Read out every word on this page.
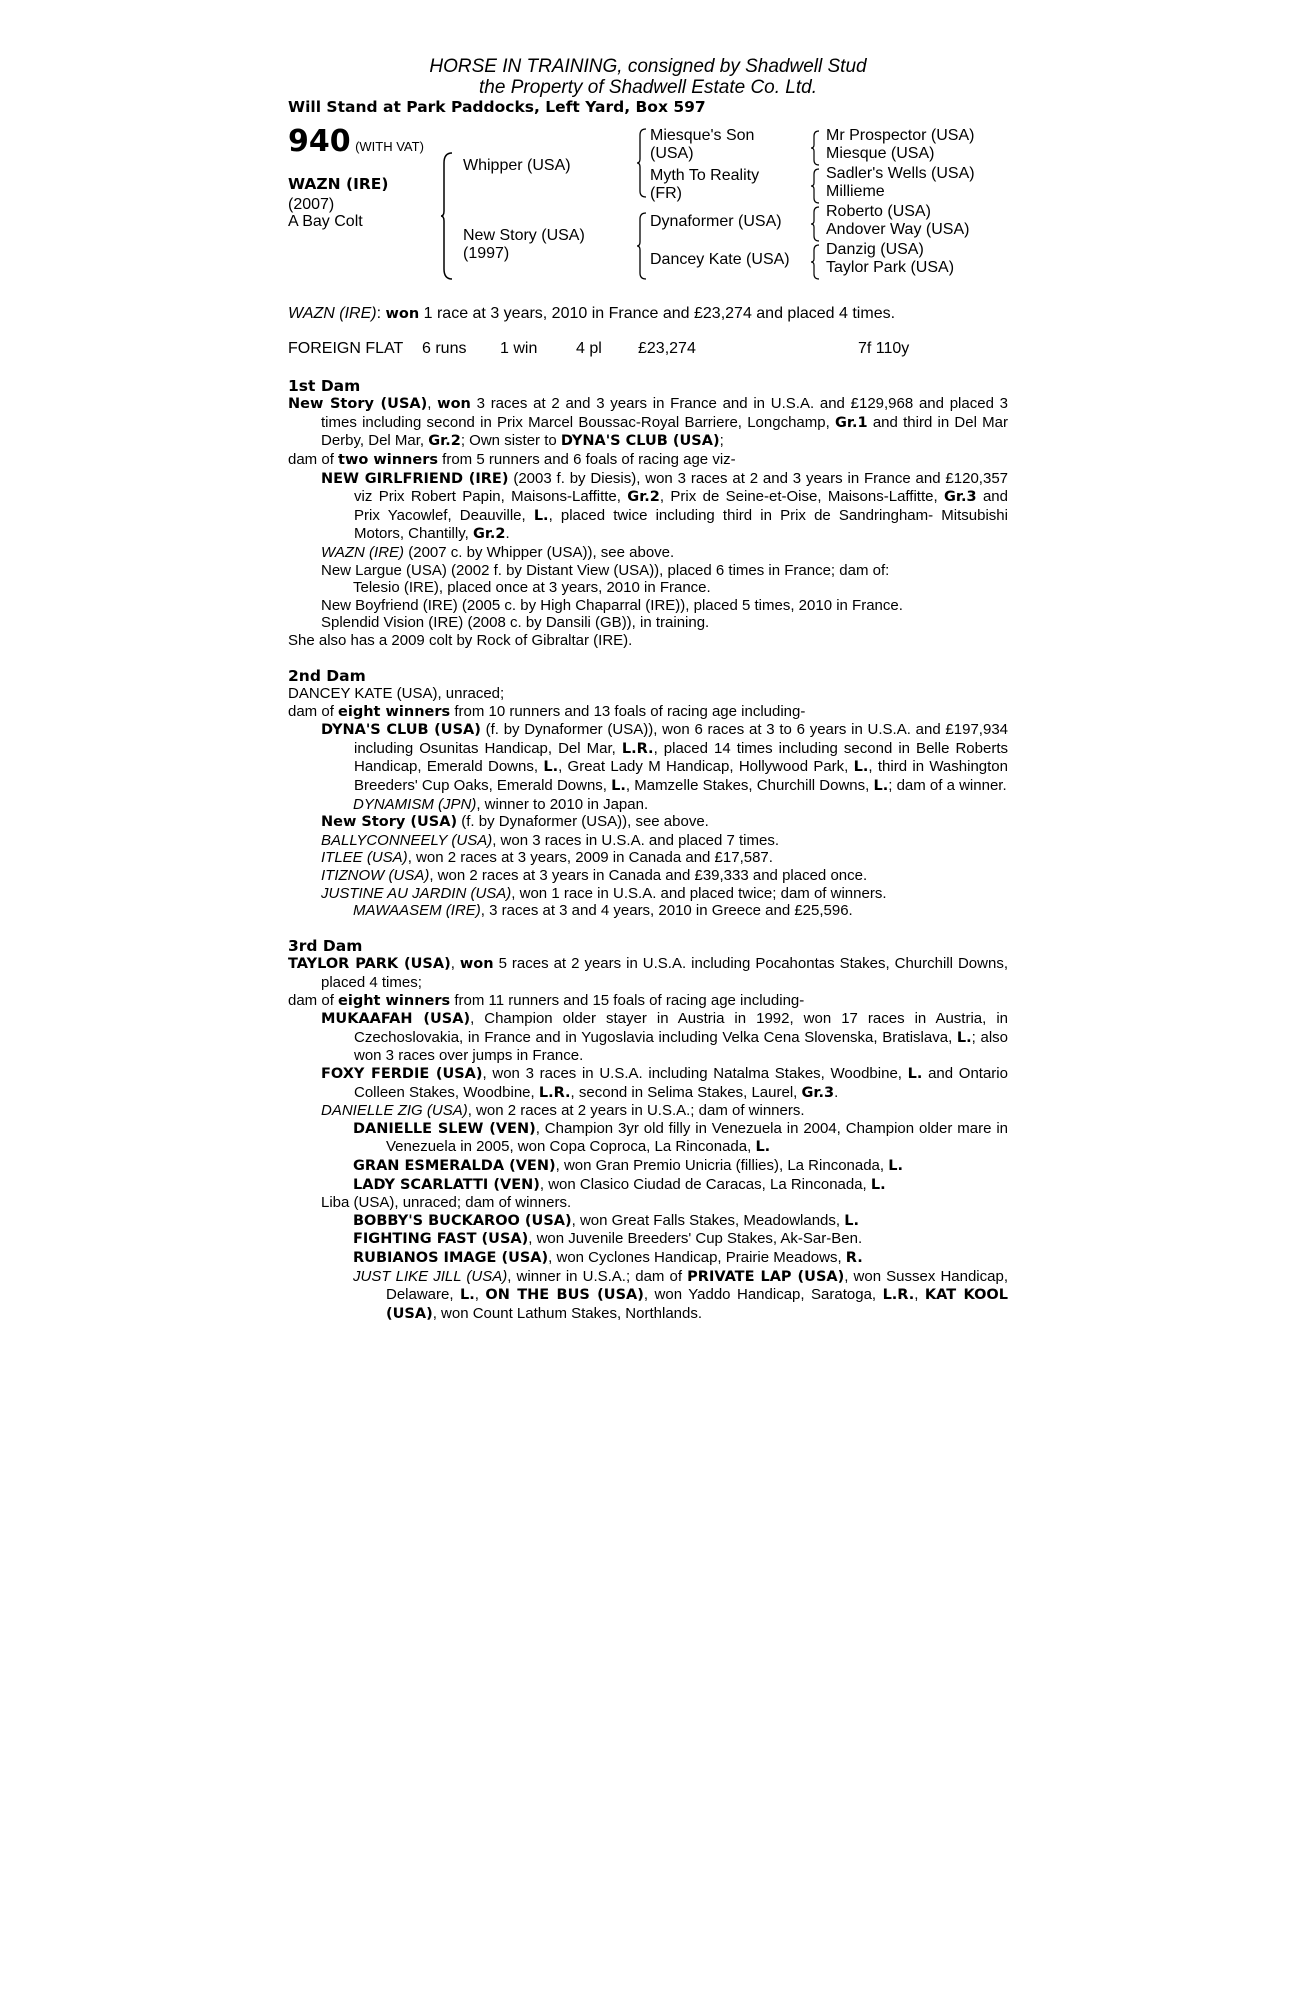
HORSE IN TRAINING, consigned by Shadwell Stud
the Property of Shadwell Estate Co. Ltd.
Will Stand at Park Paddocks, Left Yard, Box 597
940 (WITH VAT)
WAZN (IRE)
(2007)
A Bay Colt
Whipper (USA)
New Story (USA)
(1997)
Miesque's Son
(USA)
Myth To Reality
(FR)
Dynaformer (USA)
Dancey Kate (USA)
Mr Prospector (USA)
Miesque (USA)
Sadler's Wells (USA)
Millieme
Roberto (USA)
Andover Way (USA)
Danzig (USA)
Taylor Park (USA)

WAZN (IRE): won 1 race at 3 years, 2010 in France and £23,274 and placed 4 times.

FOREIGN FLAT 6 runs 1 win 4 pl £23,274	7f 110y
1st Dam

New Story (USA), won 3 races at 2 and 3 years in France and in U.S.A. and £129,968 and placed 3 times including second in Prix Marcel Boussac-Royal Barriere, Longchamp, Gr.1 and third in Del Mar Derby, Del Mar, Gr.2; Own sister to DYNA'S CLUB (USA);

dam of two winners from 5 runners and 6 foals of racing age viz-

NEW GIRLFRIEND (IRE) (2003 f. by Diesis), won 3 races at 2 and 3 years in France and £120,357 viz Prix Robert Papin, Maisons-Laffitte, Gr.2, Prix de Seine-et-Oise, Maisons-Laffitte, Gr.3 and Prix Yacowlef, Deauville, L., placed twice including third in Prix de Sandringham- Mitsubishi Motors, Chantilly, Gr.2.

WAZN (IRE) (2007 c. by Whipper (USA)), see above.

New Largue (USA) (2002 f. by Distant View (USA)), placed 6 times in France; dam of:

Telesio (IRE), placed once at 3 years, 2010 in France.

New Boyfriend (IRE) (2005 c. by High Chaparral (IRE)), placed 5 times, 2010 in France.

Splendid Vision (IRE) (2008 c. by Dansili (GB)), in training.

She also has a 2009 colt by Rock of Gibraltar (IRE).

2nd Dam

DANCEY KATE (USA), unraced;

dam of eight winners from 10 runners and 13 foals of racing age including-

DYNA'S CLUB (USA) (f. by Dynaformer (USA)), won 6 races at 3 to 6 years in U.S.A. and £197,934 including Osunitas Handicap, Del Mar, L.R., placed 14 times including second in Belle Roberts Handicap, Emerald Downs, L., Great Lady M Handicap, Hollywood Park, L., third in Washington Breeders' Cup Oaks, Emerald Downs, L., Mamzelle Stakes, Churchill Downs, L.; dam of a winner.

DYNAMISM (JPN), winner to 2010 in Japan.

New Story (USA) (f. by Dynaformer (USA)), see above.

BALLYCONNEELY (USA), won 3 races in U.S.A. and placed 7 times.

ITLEE (USA), won 2 races at 3 years, 2009 in Canada and £17,587.

ITIZNOW (USA), won 2 races at 3 years in Canada and £39,333 and placed once.

JUSTINE AU JARDIN (USA), won 1 race in U.S.A. and placed twice; dam of winners.

MAWAASEM (IRE), 3 races at 3 and 4 years, 2010 in Greece and £25,596.

3rd Dam

TAYLOR PARK (USA), won 5 races at 2 years in U.S.A. including Pocahontas Stakes, Churchill Downs, placed 4 times;

dam of eight winners from 11 runners and 15 foals of racing age including-

MUKAAFAH (USA), Champion older stayer in Austria in 1992, won 17 races in Austria, in Czechoslovakia, in France and in Yugoslavia including Velka Cena Slovenska, Bratislava, L.; also won 3 races over jumps in France.

FOXY FERDIE (USA), won 3 races in U.S.A. including Natalma Stakes, Woodbine, L. and Ontario Colleen Stakes, Woodbine, L.R., second in Selima Stakes, Laurel, Gr.3.

DANIELLE ZIG (USA), won 2 races at 2 years in U.S.A.; dam of winners.

DANIELLE SLEW (VEN), Champion 3yr old filly in Venezuela in 2004, Champion older mare in Venezuela in 2005, won Copa Coproca, La Rinconada, L.

GRAN ESMERALDA (VEN), won Gran Premio Unicria (fillies), La Rinconada, L.

LADY SCARLATTI (VEN), won Clasico Ciudad de Caracas, La Rinconada, L.

Liba (USA), unraced; dam of winners.

BOBBY'S BUCKAROO (USA), won Great Falls Stakes, Meadowlands, L.

FIGHTING FAST (USA), won Juvenile Breeders' Cup Stakes, Ak-Sar-Ben.

RUBIANOS IMAGE (USA), won Cyclones Handicap, Prairie Meadows, R.

JUST LIKE JILL (USA), winner in U.S.A.; dam of PRIVATE LAP (USA), won Sussex Handicap, Delaware, L., ON THE BUS (USA), won Yaddo Handicap, Saratoga, L.R., KAT KOOL (USA), won Count Lathum Stakes, Northlands.
